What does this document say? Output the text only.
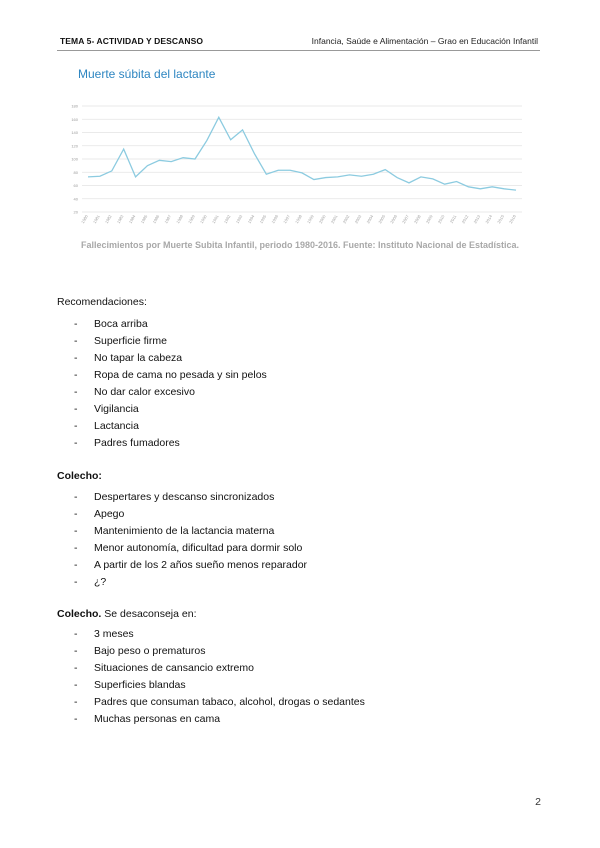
TEMA 5- ACTIVIDAD Y DESCANSO	Infancia, Saúde e Alimentación – Grao en Educación Infantil
Muerte súbita del lactante
20
40
60
80
100
120
140
160
180
1980 1981 1982 1983 1984 1985 1986 1987 1988 1989 1990 1991 1992 1993 1994 1995 1996 1997 1998 1999 2000 2001 2002 2003 2004 2005 2006 2007 2008 2009 2010 2011 2012 2013 2014 2015 2016
Fallecimientos por Muerte Subita Infantil, periodo 1980-2016. Fuente: Instituto Nacional de Estadística.
Recomendaciones:
- Boca arriba
- Superficie firme
- No tapar la cabeza
- Ropa de cama no pesada y sin pelos
- No dar calor excesivo
- Vigilancia
- Lactancia
- Padres fumadores
Colecho:
- Despertares y descanso sincronizados
- Apego
- Mantenimiento de la lactancia materna
- Menor autonomía, dificultad para dormir solo
- A partir de los 2 años sueño menos reparador
- ¿?
Colecho. Se desaconseja en:
- 3 meses
- Bajo peso o prematuros
- Situaciones de cansancio extremo
- Superficies blandas
- Padres que consuman tabaco, alcohol, drogas o sedantes
- Muchas personas en cama
2
